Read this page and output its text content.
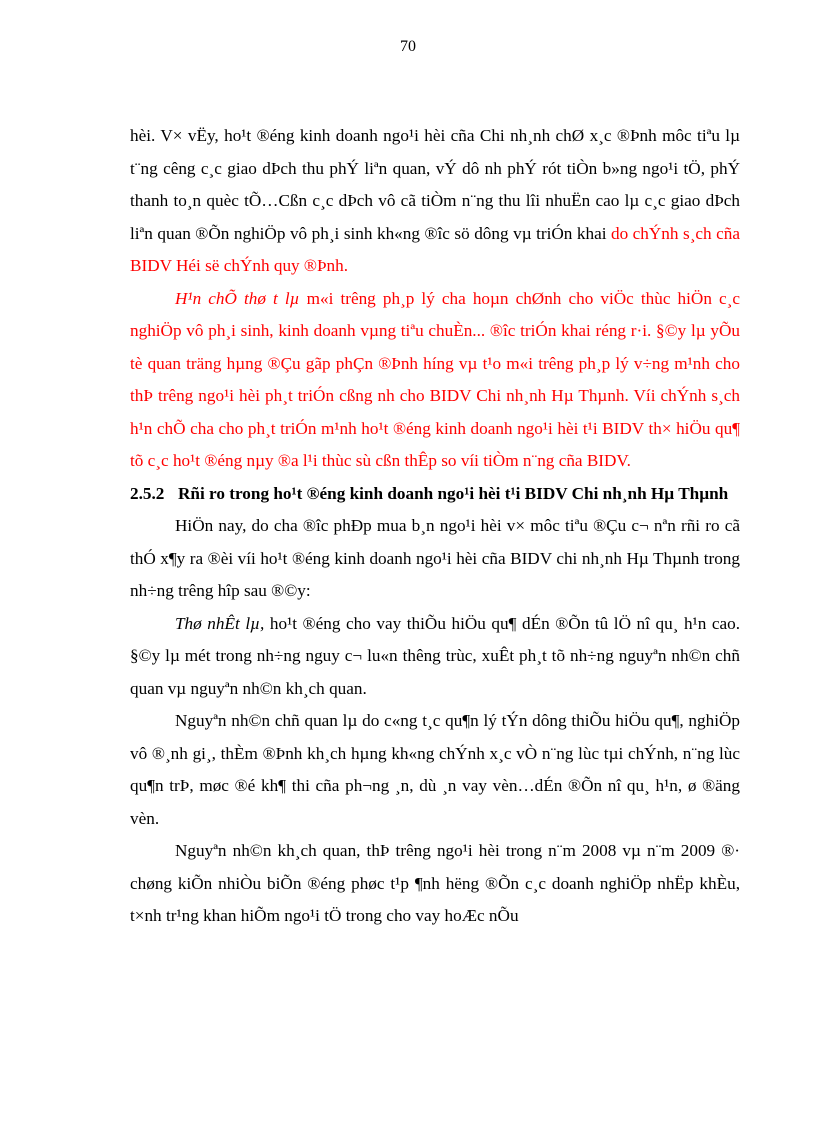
70

hèi. V× vËy, ho¹t ®éng kinh doanh ngo¹i hèi cña Chi nh¸nh chØ x¸c ®Þnh môc tiªu lµ t¨ng cêng c¸c giao dÞch thu phÝ liªn quan, vÝ dô nh phÝ rót tiÒn b»ng ngo¹i tÖ, phÝ thanh to¸n quèc tÕ…Cßn c¸c dÞch vô cã tiÒm n¨ng thu lîi nhuËn cao lµ c¸c giao dÞch liªn quan ®Õn nghiÖp vô ph¸i sinh kh«ng ®îc sö dông vµ triÓn khai do chÝnh s¸ch cña BIDV Héi së chÝnh quy ®Þnh.

H¹n chÕ thø t lµ m«i trêng ph¸p lý cha hoµn chØnh cho viÖc thùc hiÖn c¸c nghiÖp vô ph¸i sinh, kinh doanh vµng tiªu chuÈn... ®îc triÓn khai réng r·i. §©y lµ yÕu tè quan träng hµng ®Çu gãp phÇn ®Þnh híng vµ t¹o m«i trêng ph¸p lý v÷ng m¹nh cho thÞ trêng ngo¹i hèi ph¸t triÓn cßng nh cho BIDV Chi nh¸nh Hµ Thµnh. Víi chÝnh s¸ch h¹n chÕ cha cho ph¸t triÓn m¹nh ho¹t ®éng kinh doanh ngo¹i hèi t¹i BIDV th× hiÖu qu¶ tõ c¸c ho¹t ®éng nµy ®a l¹i thùc sù cßn thÊp so víi tiÒm n¨ng cña BIDV.

2.5.2 Rñi ro trong ho¹t ®éng kinh doanh ngo¹i hèi t¹i BIDV Chi nh¸nh Hµ Thµnh

HiÖn nay, do cha ®îc phÐp mua b¸n ngo¹i hèi v× môc tiªu ®Çu c¬ nªn rñi ro cã thÓ x¶y ra ®èi víi ho¹t ®éng kinh doanh ngo¹i hèi cña BIDV chi nh¸nh Hµ Thµnh trong nh÷ng trêng hîp sau ®©y:

Thø nhÊt lµ, ho¹t ®éng cho vay thiÕu hiÖu qu¶ dÉn ®Õn tû lÖ nî qu¸ h¹n cao. §©y lµ mét trong nh÷ng nguy c¬ lu«n thêng trùc, xuÊt ph¸t tõ nh÷ng nguyªn nh©n chñ quan vµ nguyªn nh©n kh¸ch quan.

Nguyªn nh©n chñ quan lµ do c«ng t¸c qu¶n lý tÝn dông thiÕu hiÖu qu¶, nghiÖp vô ®¸nh gi¸, thÈm ®Þnh kh¸ch hµng kh«ng chÝnh x¸c vÒ n¨ng lùc tµi chÝnh, n¨ng lùc qu¶n trÞ, møc ®é kh¶ thi cña ph¬ng ¸n, dù ¸n vay vèn…dÉn ®Õn nî qu¸ h¹n, ø ®äng vèn.

Nguyªn nh©n kh¸ch quan, thÞ trêng ngo¹i hèi trong n¨m 2008 vµ n¨m 2009 ®· chøng kiÕn nhiÒu biÕn ®éng phøc t¹p ¶nh hëng ®Õn c¸c doanh nghiÖp nhËp khÈu, t×nh tr¹ng khan hiÕm ngo¹i tÖ trong cho vay hoÆc nÕu
